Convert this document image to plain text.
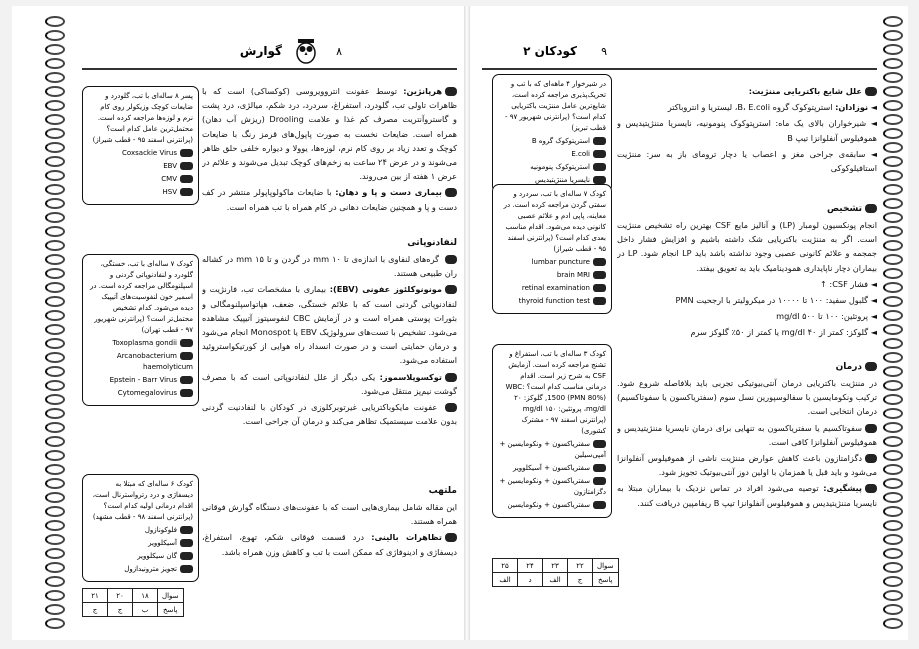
گوارش	۸
پسر ۸ ساله‌ای با تب، گلودرد و ضایعات کوچک وزیکولر روی کام نرم و لوزه‌ها مراجعه کرده است. محتمل‌ترین عامل کدام است؟ (پرانترنی اسفند ۹۵ - قطب شیراز)
Coxsackie Virus
EBV
CMV
HSV

هرپانژین: توسط عفونت انتروویروسی (کوکساکی) است که با ظاهرات تاولی تب، گلودرد، استفراغ، سردرد، درد شکم، میالژی، درد پشت و گاستروآنتریت مصرف کم غذا و علامت Drooling (ریزش آب دهان) همراه است. ضایعات نخست به صورت پاپول‌های قرمز رنگ با ضایعات کوچک و تعدد زیاد بر روی کام نرم، لوزه‌ها، یوولا و دیواره خلفی حلق ظاهر می‌شوند و در عرض ۲۴ ساعت به زخم‌های کوچک تبدیل می‌شوند و علائم در عرض ۱ هفته از بین می‌روند.

بیماری دست و پا و دهان: با ضایعات ماکولوپاپولر منتشر در کف دست و پا و همچنین ضایعات دهانی در کام همراه با تب همراه است.

لنفادنوپاتی
کودک ۷ ساله‌ای با تب، خستگی، گلودرد و لنفادنوپاتی گردنی و اسپلنومگالی مراجعه کرده است. در اسمیر خون لنفوسیت‌های آتیپیک دیده می‌شود. کدام تشخیص محتمل‌تر است؟ (پرانترنی شهریور ۹۷ - قطب تهران)
Toxoplasma gondii
Arcanobacterium haemolyticum
Epstein - Barr Virus
Cytomegalovirus

گره‌های لنفاوی با اندازه‌ی تا ۱۰ mm در گردن و تا ۱۵ mm در کشاله ران طبیعی هستند.

مونونوکلئوز عفونی (EBV): بیماری با مشخصات تب، فارنژیت و لنفادنوپاتی گردنی است که با علائم خستگی، ضعف، هپاتواسپلنومگالی و بثورات پوستی همراه است و در آزمایش CBC لنفوسیتوز آتیپیک مشاهده می‌شود. تشخیص با تست‌های سرولوژیک EBV یا Monospot انجام می‌شود و درمان حمایتی است و در صورت انسداد راه هوایی از کورتیکواستروئید استفاده می‌شود.

توکسوپلاسموز: یکی دیگر از علل لنفادنوپاتی است که با مصرف گوشت نیم‌پز منتقل می‌شود.

عفونت مایکوباکتریایی غیرتوبرکلوزی در کودکان با لنفادنیت گردنی بدون علامت سیستمیک تظاهر می‌کند و درمان آن جراحی است.

ملتهب
کودک ۶ ساله‌ای که مبتلا به دیسفاژی و درد رترواسترنال است، اقدام درمانی اولیه کدام است؟ (پرانترنی اسفند ۹۸ - قطب مشهد)
فلوکونازول
آسیکلوویر
گان سیکلوویر
تجویز مترونیدازول

این مقاله شامل بیماری‌هایی است که با عفونت‌های دستگاه گوارش فوقانی همراه هستند.

تظاهرات بالینی: درد قسمت فوقانی شکم، تهوع، استفراغ، دیسفاژی و ادینوفاژی که ممکن است با تب و کاهش وزن همراه باشد.

سوال	۱۸	۲۰	۲۱
پاسخ	ب	ج	ج
کودکان ۲ ۹

علل شایع باکتریایی مننژیت:

◄ نوزادان: استرپتوکوک گروه B، E.coli، لیستریا و انتروباکتر

◄ شیرخواران بالای یک ماه: استرپتوکوک پنومونیه، نایسریا مننژیتیدیس و هموفیلوس آنفلوانزا تیپ B

◄ سابقه‌ی جراحی مغز و اعصاب یا دچار ترومای باز به سر: مننژیت استافیلوکوکی

در شیرخوار ۴ ماهه‌ای که با تب و تحریک‌پذیری مراجعه کرده است، شایع‌ترین عامل مننژیت باکتریایی کدام است؟ (پرانترنی شهریور ۹۷ - قطب تبریز)
استرپتوکوک گروه B
E.coli
استرپتوکوک پنومونیه
نایسریا مننژیتیدیس
تشخیص
کودک ۷ ساله‌ای با تب، سردرد و سفتی گردن مراجعه کرده است. در معاینه، پاپی ادم و علائم عصبی کانونی دیده می‌شود. اقدام مناسب بعدی کدام است؟ (پرانترنی اسفند ۹۵ - قطب شیراز)
lumbar puncture
brain MRI
retinal examination
thyroid function test

انجام پونکسیون لومبار (LP) و آنالیز مایع CSF بهترین راه تشخیص مننژیت است. اگر به مننژیت باکتریایی شک داشته باشیم و افزایش فشار داخل جمجمه و علائم کانونی عصبی وجود نداشته باشد باید LP انجام شود. LP در بیماران دچار ناپایداری همودینامیک باید به تعویق بیفتد.

◄ فشار CSF: ↑

◄ گلبول سفید: ۱۰۰ تا ۱۰۰۰۰ در میکرولیتر با ارجحیت PMN

◄ پروتئین: ۱۰۰ تا ۵۰۰ mg/dl

◄ گلوکز: کمتر از ۴۰ mg/dl یا کمتر از ۵۰٪ گلوکز سرم

درمان
کودک ۳ ساله‌ای با تب، استفراغ و تشنج مراجعه کرده است. آزمایش CSF به شرح زیر است. اقدام درمانی مناسب کدام است؟ WBC: 1500 (PMN 80%), گلوکز: ۲۰ mg/dl، پروتئین: ۱۵۰ mg/dl (پرانترنی اسفند ۹۷ - مشترک کشوری)
سفتریاکسون + ونکومایسین + آمپی‌سیلین
سفتریاکسون + آسیکلوویر
سفتریاکسون + ونکومایسین + دگزامتازون
سفتریاکسون + ونکومایسین

در مننژیت باکتریایی درمان آنتی‌بیوتیکی تجربی باید بلافاصله شروع شود. ترکیب ونکومایسین با سفالوسپورین نسل سوم (سفتریاکسون یا سفوتاکسیم) درمان انتخابی است.

سفوتاکسیم یا سفتریاکسون به تنهایی برای درمان نایسریا مننژیتیدیس و هموفیلوس آنفلوانزا کافی است.

دگزامتازون باعث کاهش عوارض مننژیت ناشی از هموفیلوس آنفلوانزا می‌شود و باید قبل یا همزمان با اولین دوز آنتی‌بیوتیک تجویز شود.

پیشگیری: توصیه می‌شود افراد در تماس نزدیک با بیماران مبتلا به نایسریا مننژیتیدیس و هموفیلوس آنفلوانزا تیپ B ریفامپین دریافت کنند.

سوال	۲۲	۲۳	۲۴	۲۵
پاسخ	ج	الف	د	الف
